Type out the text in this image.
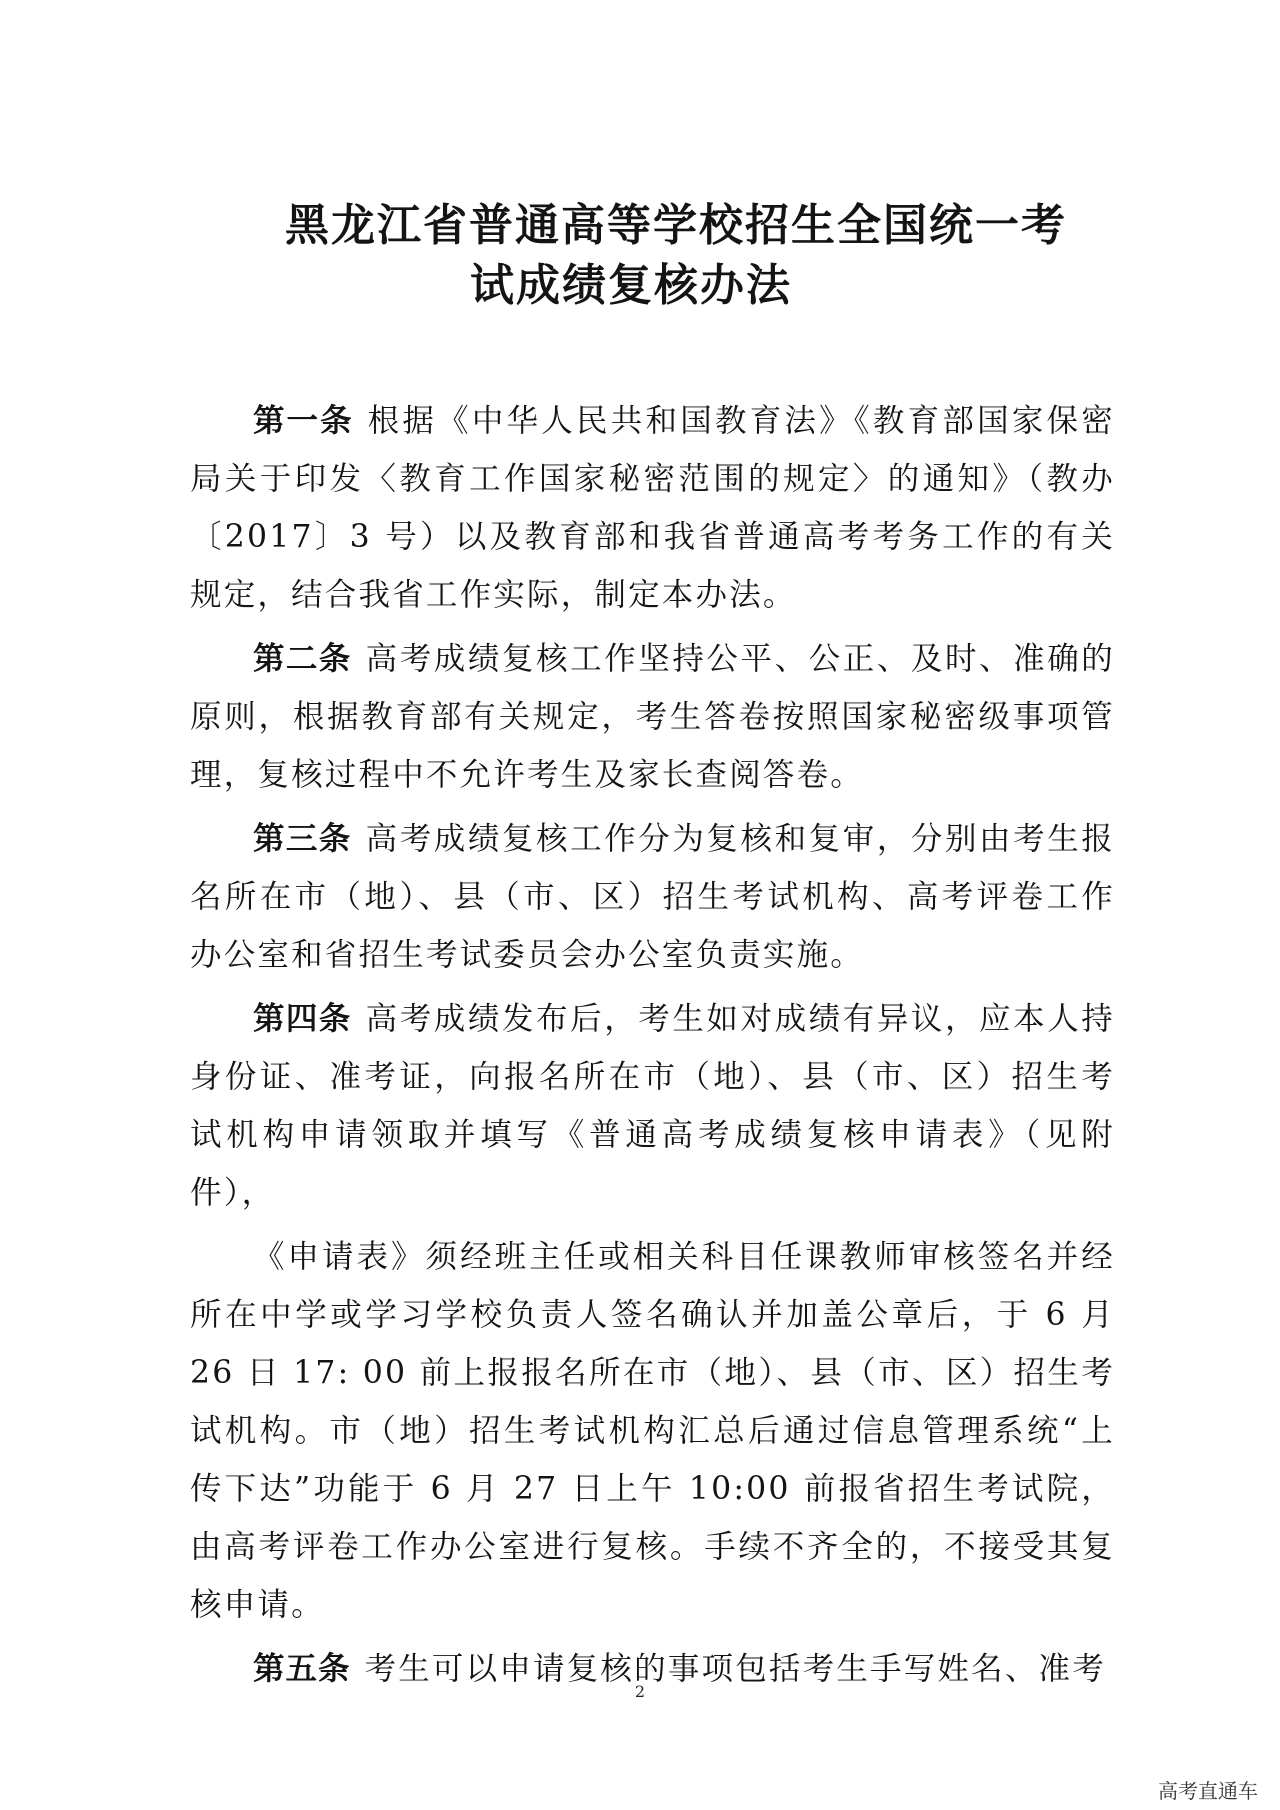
黑龙江省普通高等学校招生全国统一考
试成绩复核办法

第一条 根据《中华人民共和国教育法》《教育部国家保密局关于印发〈教育工作国家秘密范围的规定〉的通知》（教办〔2017〕3 号）以及教育部和我省普通高考考务工作的有关规定，结合我省工作实际，制定本办法。

第二条 高考成绩复核工作坚持公平、公正、及时、准确的原则，根据教育部有关规定，考生答卷按照国家秘密级事项管理，复核过程中不允许考生及家长查阅答卷。

第三条 高考成绩复核工作分为复核和复审，分别由考生报名所在市（地）、县（市、区）招生考试机构、高考评卷工作办公室和省招生考试委员会办公室负责实施。

第四条 高考成绩发布后，考生如对成绩有异议，应本人持身份证、准考证，向报名所在市（地）、县（市、区）招生考试机构申请领取并填写《普通高考成绩复核申请表》（见附件），

《申请表》须经班主任或相关科目任课教师审核签名并经所在中学或学习学校负责人签名确认并加盖公章后，于 6 月 26 日 17: 00 前上报报名所在市（地）、县（市、区）招生考试机构。市（地）招生考试机构汇总后通过信息管理系统“上传下达”功能于 6 月 27 日上午 10:00 前报省招生考试院，由高考评卷工作办公室进行复核。手续不齐全的，不接受其复核申请。

第五条 考生可以申请复核的事项包括考生手写姓名、准考

2
高考直通车
